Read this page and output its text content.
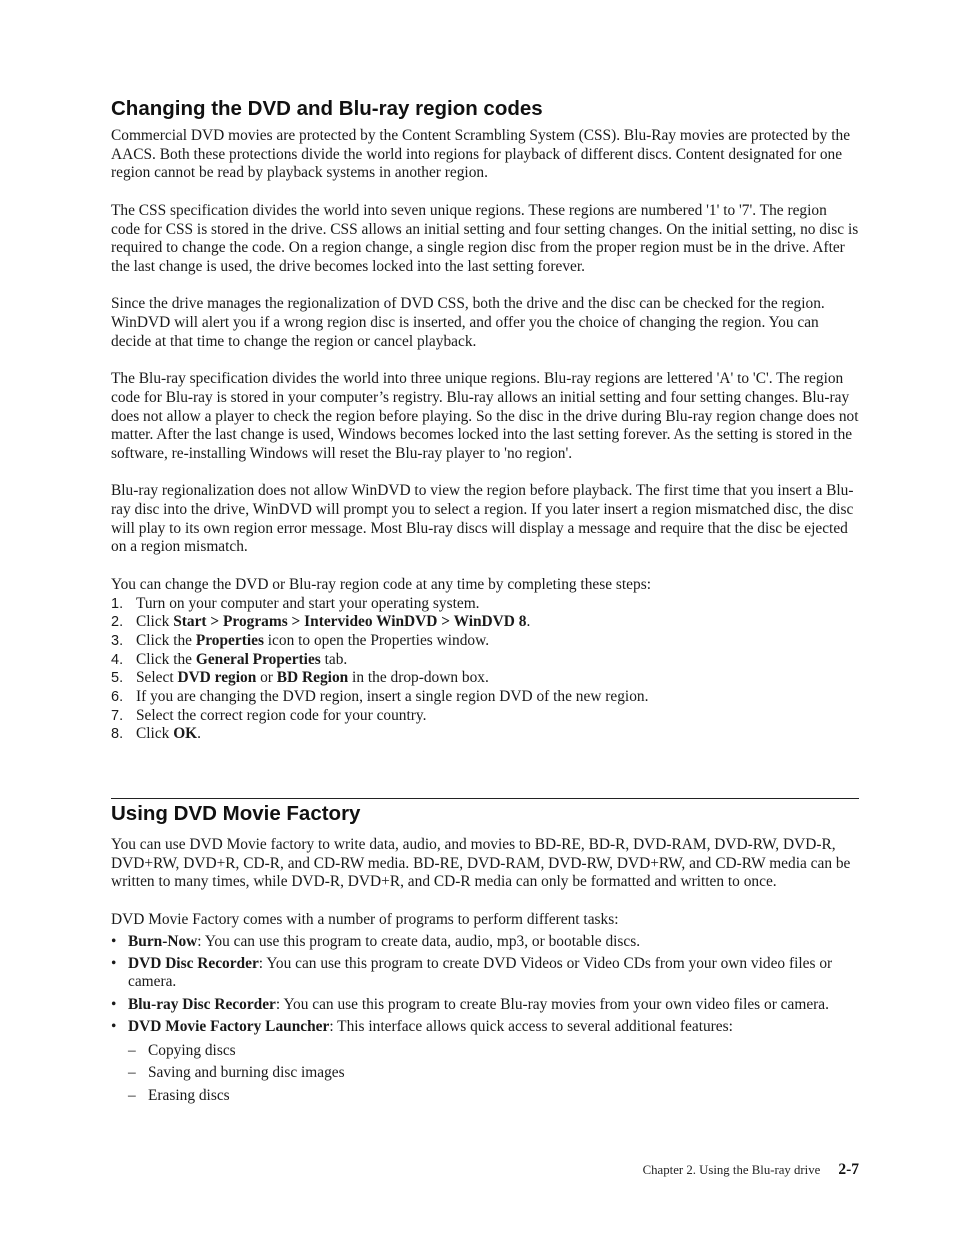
Changing the DVD and Blu-ray region codes

Commercial DVD movies are protected by the Content Scrambling System (CSS). Blu-Ray movies are protected by the AACS. Both these protections divide the world into regions for playback of different discs. Content designated for one region cannot be read by playback systems in another region.

The CSS specification divides the world into seven unique regions. These regions are numbered '1' to '7'. The region code for CSS is stored in the drive. CSS allows an initial setting and four setting changes. On the initial setting, no disc is required to change the code. On a region change, a single region disc from the proper region must be in the drive. After the last change is used, the drive becomes locked into the last setting forever.

Since the drive manages the regionalization of DVD CSS, both the drive and the disc can be checked for the region. WinDVD will alert you if a wrong region disc is inserted, and offer you the choice of changing the region. You can decide at that time to change the region or cancel playback.

The Blu-ray specification divides the world into three unique regions. Blu-ray regions are lettered 'A' to 'C'. The region code for Blu-ray is stored in your computer’s registry. Blu-ray allows an initial setting and four setting changes. Blu-ray does not allow a player to check the region before playing. So the disc in the drive during Blu-ray region change does not matter. After the last change is used, Windows becomes locked into the last setting forever. As the setting is stored in the software, re-installing Windows will reset the Blu-ray player to 'no region'.

Blu-ray regionalization does not allow WinDVD to view the region before playback. The first time that you insert a Blu-ray disc into the drive, WinDVD will prompt you to select a region. If you later insert a region mismatched disc, the disc will play to its own region error message. Most Blu-ray discs will display a message and require that the disc be ejected on a region mismatch.

You can change the DVD or Blu-ray region code at any time by completing these steps:

1. Turn on your computer and start your operating system.
2. Click Start > Programs > Intervideo WinDVD > WinDVD 8.
3. Click the Properties icon to open the Properties window.
4. Click the General Properties tab.
5. Select DVD region or BD Region in the drop-down box.
6. If you are changing the DVD region, insert a single region DVD of the new region.
7. Select the correct region code for your country.
8. Click OK.
Using DVD Movie Factory

You can use DVD Movie factory to write data, audio, and movies to BD-RE, BD-R, DVD-RAM, DVD-RW, DVD-R, DVD+RW, DVD+R, CD-R, and CD-RW media. BD-RE, DVD-RAM, DVD-RW, DVD+RW, and CD-RW media can be written to many times, while DVD-R, DVD+R, and CD-R media can only be formatted and written to once.

DVD Movie Factory comes with a number of programs to perform different tasks:

• Burn-Now: You can use this program to create data, audio, mp3, or bootable discs.
• DVD Disc Recorder: You can use this program to create DVD Videos or Video CDs from your own video files or camera.
• Blu-ray Disc Recorder: You can use this program to create Blu-ray movies from your own video files or camera.
• DVD Movie Factory Launcher: This interface allows quick access to several additional features:
– Copying discs
– Saving and burning disc images
– Erasing discs
Chapter 2. Using the Blu-ray drive 2-7
